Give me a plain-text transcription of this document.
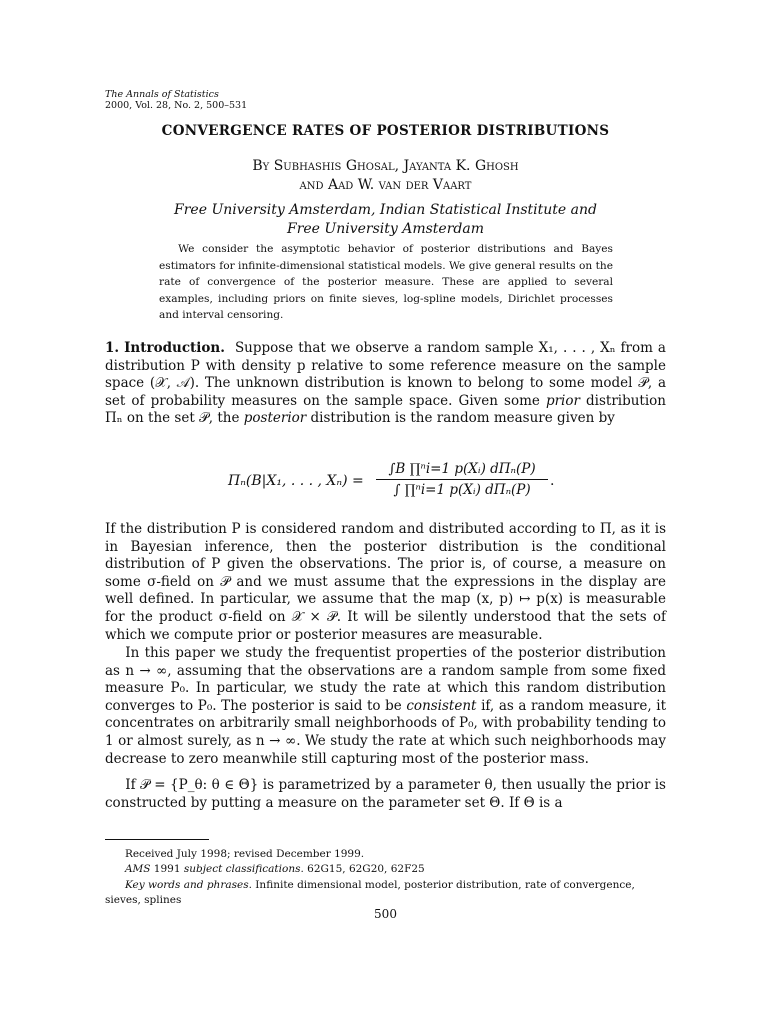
The Annals of Statistics
2000, Vol. 28, No. 2, 500–531
CONVERGENCE RATES OF POSTERIOR DISTRIBUTIONS
By Subhashis Ghosal, Jayanta K. Ghosh
and Aad W. van der Vaart
Free University Amsterdam, Indian Statistical Institute and
Free University Amsterdam
We consider the asymptotic behavior of posterior distributions and Bayes estimators for infinite-dimensional statistical models. We give general results on the rate of convergence of the posterior measure. These are applied to several examples, including priors on finite sieves, log-spline models, Dirichlet processes and interval censoring.
1. Introduction. Suppose that we observe a random sample X₁, . . . , Xₙ from a distribution P with density p relative to some reference measure on the sample space (𝒳, 𝒜). The unknown distribution is known to belong to some model 𝒫, a set of probability measures on the sample space. Given some prior distribution Πₙ on the set 𝒫, the posterior distribution is the random measure given by
Πₙ(B|X₁, . . . , Xₙ) =
∫B ∏ⁿi=1 p(Xᵢ) dΠₙ(P)
∫ ∏ⁿi=1 p(Xᵢ) dΠₙ(P)
.
If the distribution P is considered random and distributed according to Π, as it is in Bayesian inference, then the posterior distribution is the conditional distribution of P given the observations. The prior is, of course, a measure on some σ-field on 𝒫 and we must assume that the expressions in the display are well defined. In particular, we assume that the map (x, p) ↦ p(x) is measurable for the product σ-field on 𝒳 × 𝒫. It will be silently understood that the sets of which we compute prior or posterior measures are measurable.
In this paper we study the frequentist properties of the posterior distribution as n → ∞, assuming that the observations are a random sample from some fixed measure P₀. In particular, we study the rate at which this random distribution converges to P₀. The posterior is said to be consistent if, as a random measure, it concentrates on arbitrarily small neighborhoods of P₀, with probability tending to 1 or almost surely, as n → ∞. We study the rate at which such neighborhoods may decrease to zero meanwhile still capturing most of the posterior mass.
If 𝒫 = {P_θ: θ ∈ Θ} is parametrized by a parameter θ, then usually the prior is constructed by putting a measure on the parameter set Θ. If Θ is a

Received July 1998; revised December 1999.

AMS 1991 subject classifications. 62G15, 62G20, 62F25

Key words and phrases. Infinite dimensional model, posterior distribution, rate of convergence, sieves, splines

500
